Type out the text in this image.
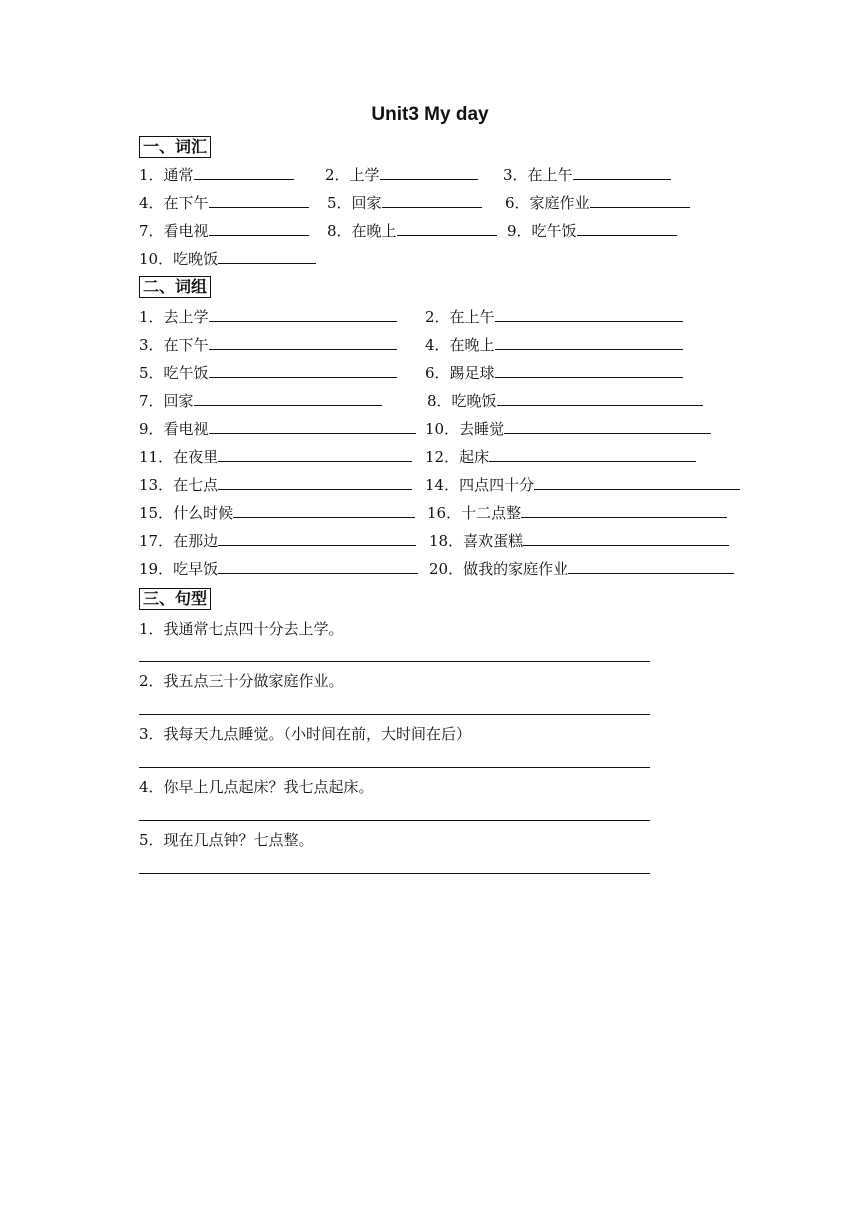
Unit3 My day
一、词汇
1．通常	2．上学	3．在上午
4．在下午	5．回家	6．家庭作业
7．看电视	8．在晚上	9．吃午饭
10．吃晚饭
二、词组
1．去上学	2．在上午
3．在下午	4．在晚上
5．吃午饭	6．踢足球
7．回家	8．吃晚饭
9．看电视	10．去睡觉
11．在夜里	12．起床
13．在七点	14．四点四十分
15．什么时候	16．十二点整
17．在那边	18．喜欢蛋糕
19．吃早饭	20．做我的家庭作业
三、句型
1．我通常七点四十分去上学。
2．我五点三十分做家庭作业。
3．我每天九点睡觉。（小时间在前，大时间在后）
4．你早上几点起床？我七点起床。
5．现在几点钟？七点整。
